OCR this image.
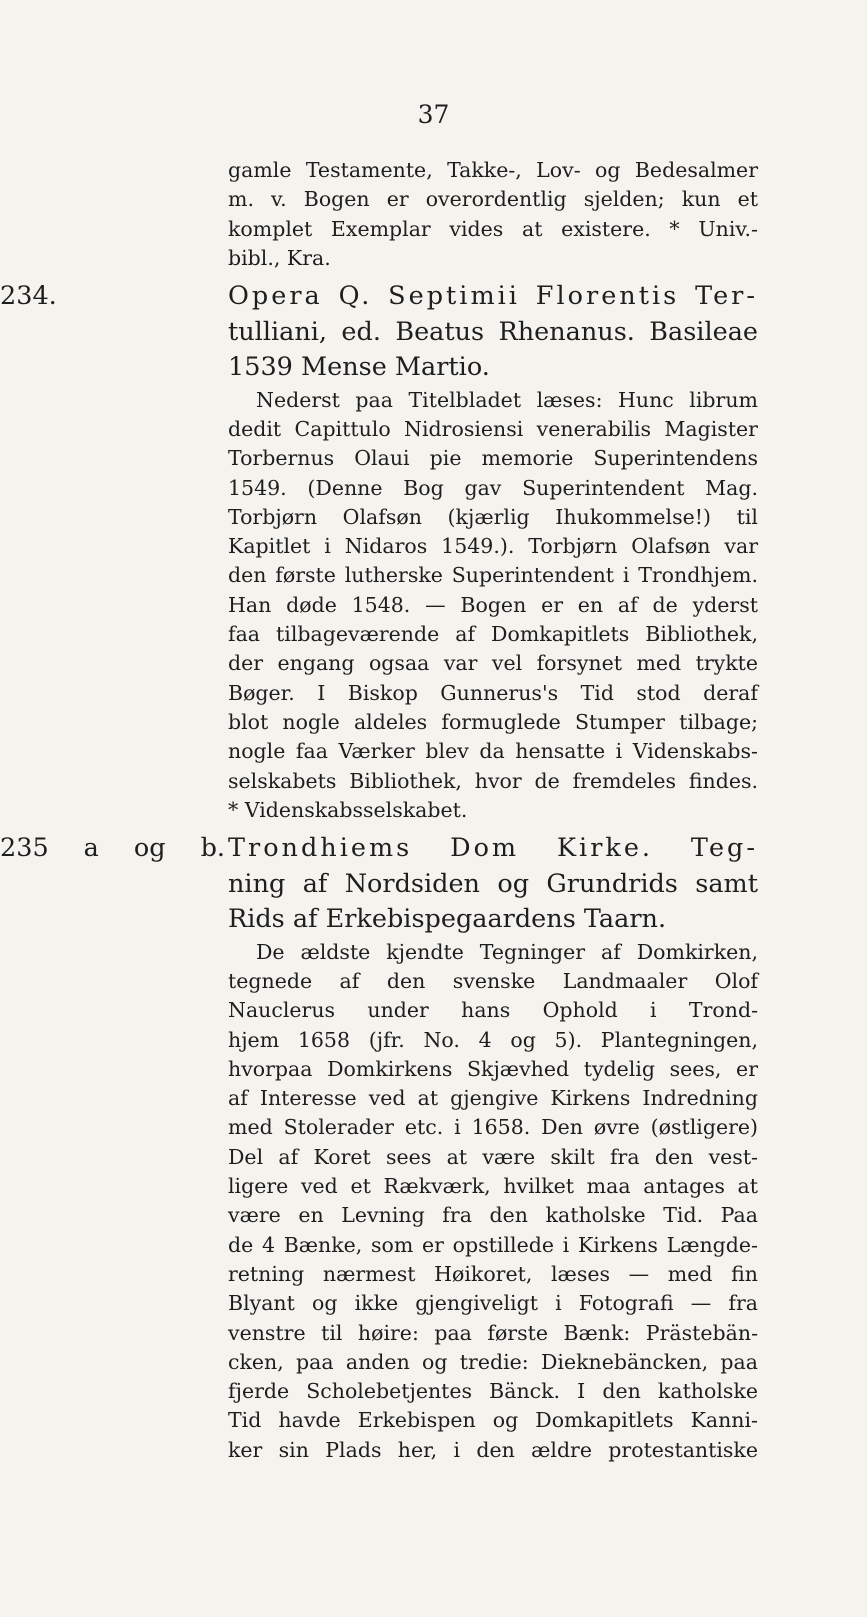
37
gamle Testamente, Takke-, Lov- og Bedesalmer
m. v. Bogen er overordentlig sjelden; kun et
komplet Exemplar vides at existere. * Univ.-
bibl., Kra.
234.	Opera Q. Septimii Florentis Ter-
tulliani, ed. Beatus Rhenanus. Basileae
1539 Mense Martio.
Nederst paa Titelbladet læses: Hunc librum
dedit Capittulo Nidrosiensi venerabilis Magister
Torbernus Olaui pie memorie Superintendens
1549. (Denne Bog gav Superintendent Mag.
Torbjørn Olafsøn (kjærlig Ihukommelse!) til
Kapitlet i Nidaros 1549.). Torbjørn Olafsøn var
den første lutherske Superintendent i Trondhjem.
Han døde 1548. — Bogen er en af de yderst
faa tilbageværende af Domkapitlets Bibliothek,
der engang ogsaa var vel forsynet med trykte
Bøger. I Biskop Gunnerus's Tid stod deraf
blot nogle aldeles formuglede Stumper tilbage;
nogle faa Værker blev da hensatte i Videnskabs-
selskabets Bibliothek, hvor de fremdeles findes.
* Videnskabsselskabet.
235 a og b. Trondhiems Dom Kirke. Teg-
ning af Nordsiden og Grundrids samt
Rids af Erkebispegaardens Taarn.
De ældste kjendte Tegninger af Domkirken,
tegnede af den svenske Landmaaler Olof
Nauclerus under hans Ophold i Trond-
hjem 1658 (jfr. No. 4 og 5). Plantegningen,
hvorpaa Domkirkens Skjævhed tydelig sees, er
af Interesse ved at gjengive Kirkens Indredning
med Stolerader etc. i 1658. Den øvre (østligere)
Del af Koret sees at være skilt fra den vest-
ligere ved et Rækværk, hvilket maa antages at
være en Levning fra den katholske Tid. Paa
de 4 Bænke, som er opstillede i Kirkens Længde-
retning nærmest Høikoret, læses — med fin
Blyant og ikke gjengiveligt i Fotografi — fra
venstre til høire: paa første Bænk: Prästebän-
cken, paa anden og tredie: Dieknebäncken, paa
fjerde Scholebetjentes Bänck. I den katholske
Tid havde Erkebispen og Domkapitlets Kanni-
ker sin Plads her, i den ældre protestantiske
